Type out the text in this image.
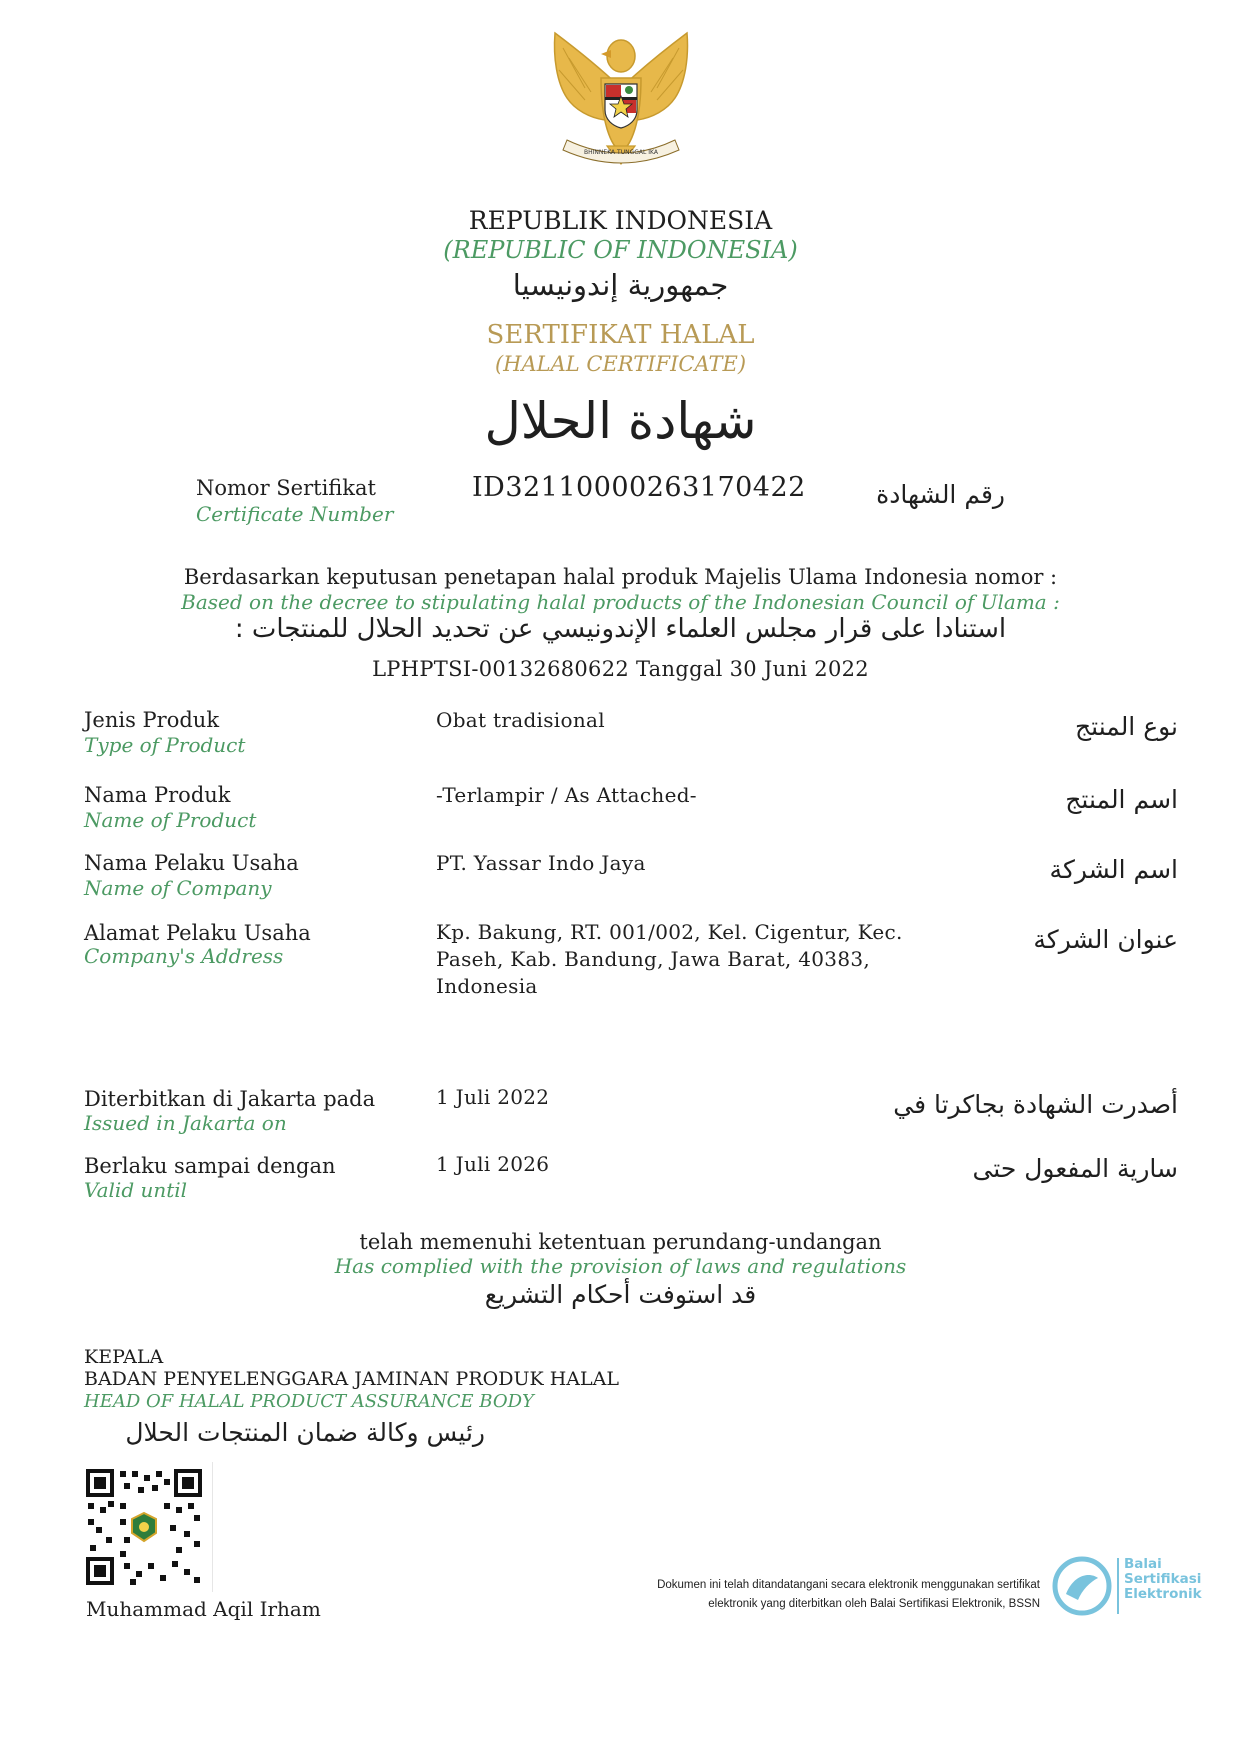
BHINNEKA TUNGGAL IKA
REPUBLIK INDONESIA
(REPUBLIC OF INDONESIA)
جمهورية إندونيسيا
SERTIFIKAT HALAL
(HALAL CERTIFICATE)
شهادة الحلال
Nomor Sertifikat
Certificate Number
ID32110000263170422	رقم الشهادة
Berdasarkan keputusan penetapan halal produk Majelis Ulama Indonesia nomor :
Based on the decree to stipulating halal products of the Indonesian Council of Ulama :
استنادا على قرار مجلس العلماء الإندونيسي عن تحديد الحلال للمنتجات :
LPHPTSI-00132680622 Tanggal 30 Juni 2022
Jenis Produk
Type of Product
Obat tradisional	نوع المنتج
Nama Produk
Name of Product
-Terlampir / As Attached-	اسم المنتج
Nama Pelaku Usaha
Name of Company
PT. Yassar Indo Jaya	اسم الشركة
Alamat Pelaku Usaha
Company's Address
Kp. Bakung, RT. 001/002, Kel. Cigentur, Kec.
Paseh, Kab. Bandung, Jawa Barat, 40383,
Indonesia
عنوان الشركة
Diterbitkan di Jakarta pada
Issued in Jakarta on
1 Juli 2022	أصدرت الشهادة بجاكرتا في
Berlaku sampai dengan
Valid until
1 Juli 2026	سارية المفعول حتى
telah memenuhi ketentuan perundang-undangan
Has complied with the provision of laws and regulations
قد استوفت أحكام التشريع
KEPALA
BADAN PENYELENGGARA JAMINAN PRODUK HALAL
HEAD OF HALAL PRODUCT ASSURANCE BODY
رئيس وكالة ضمان المنتجات الحلال
Muhammad Aqil Irham
Dokumen ini telah ditandatangani secara elektronik menggunakan sertifikat
elektronik yang diterbitkan oleh Balai Sertifikasi Elektronik, BSSN
Balai
Sertifikasi
Elektronik
